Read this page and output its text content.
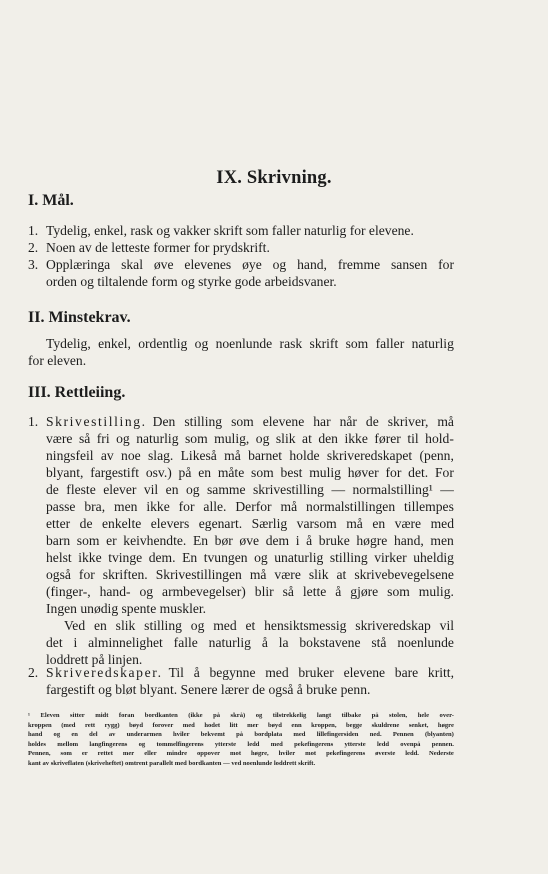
IX. Skrivning.
I. Mål.
1. Tydelig, enkel, rask og vakker skrift som faller naturlig for elevene.
2. Noen av de letteste former for prydskrift.
3. Opplæringa skal øve elevenes øye og hand, fremme sansen for
orden og tiltalende form og styrke gode arbeidsvaner.
II. Minstekrav.
Tydelig, enkel, ordentlig og noenlunde rask skrift som faller naturlig
for eleven.
III. Rettleiing.
1. Skrivestilling. Den stilling som elevene har når de skriver, må
være så fri og naturlig som mulig, og slik at den ikke fører til hold-
ningsfeil av noe slag. Likeså må barnet holde skriveredskapet (penn,
blyant, fargestift osv.) på en måte som best mulig høver for det. For
de fleste elever vil en og samme skrivestilling — normalstilling¹ —
passe bra, men ikke for alle. Derfor må normalstillingen tillempes
etter de enkelte elevers egenart. Særlig varsom må en være med
barn som er keivhendte. En bør øve dem i å bruke høgre hand, men
helst ikke tvinge dem. En tvungen og unaturlig stilling virker uheldig
også for skriften. Skrivestillingen må være slik at skrivebevegelsene
(finger-, hand- og armbevegelser) blir så lette å gjøre som mulig.
Ingen unødig spente muskler.
Ved en slik stilling og med et hensiktsmessig skriveredskap vil
det i alminnelighet falle naturlig å la bokstavene stå noenlunde
loddrett på linjen.
2. Skriveredskaper. Til å begynne med bruker elevene bare kritt,
fargestift og bløt blyant. Senere lærer de også å bruke penn.
¹ Eleven sitter midt foran bordkanten (ikke på skrå) og tilstrekkelig langt tilbake på stolen, hele over-
kroppen (med rett rygg) bøyd forover med hodet litt mer bøyd enn kroppen, begge skuldrene senket, høgre
hand og en del av underarmen hviler bekvemt på bordplata med lillefingersiden ned. Pennen (blyanten)
holdes mellom langfingerens og tommelfingerens ytterste ledd med pekefingerens ytterste ledd ovenpå pennen.
Pennen, som er rettet mer eller mindre oppover mot høgre, hviler mot pekefingerens øverste ledd. Nederste
kant av skriveflaten (skriveheftet) omtrent parallelt med bordkanten — ved noenlunde loddrett skrift.
